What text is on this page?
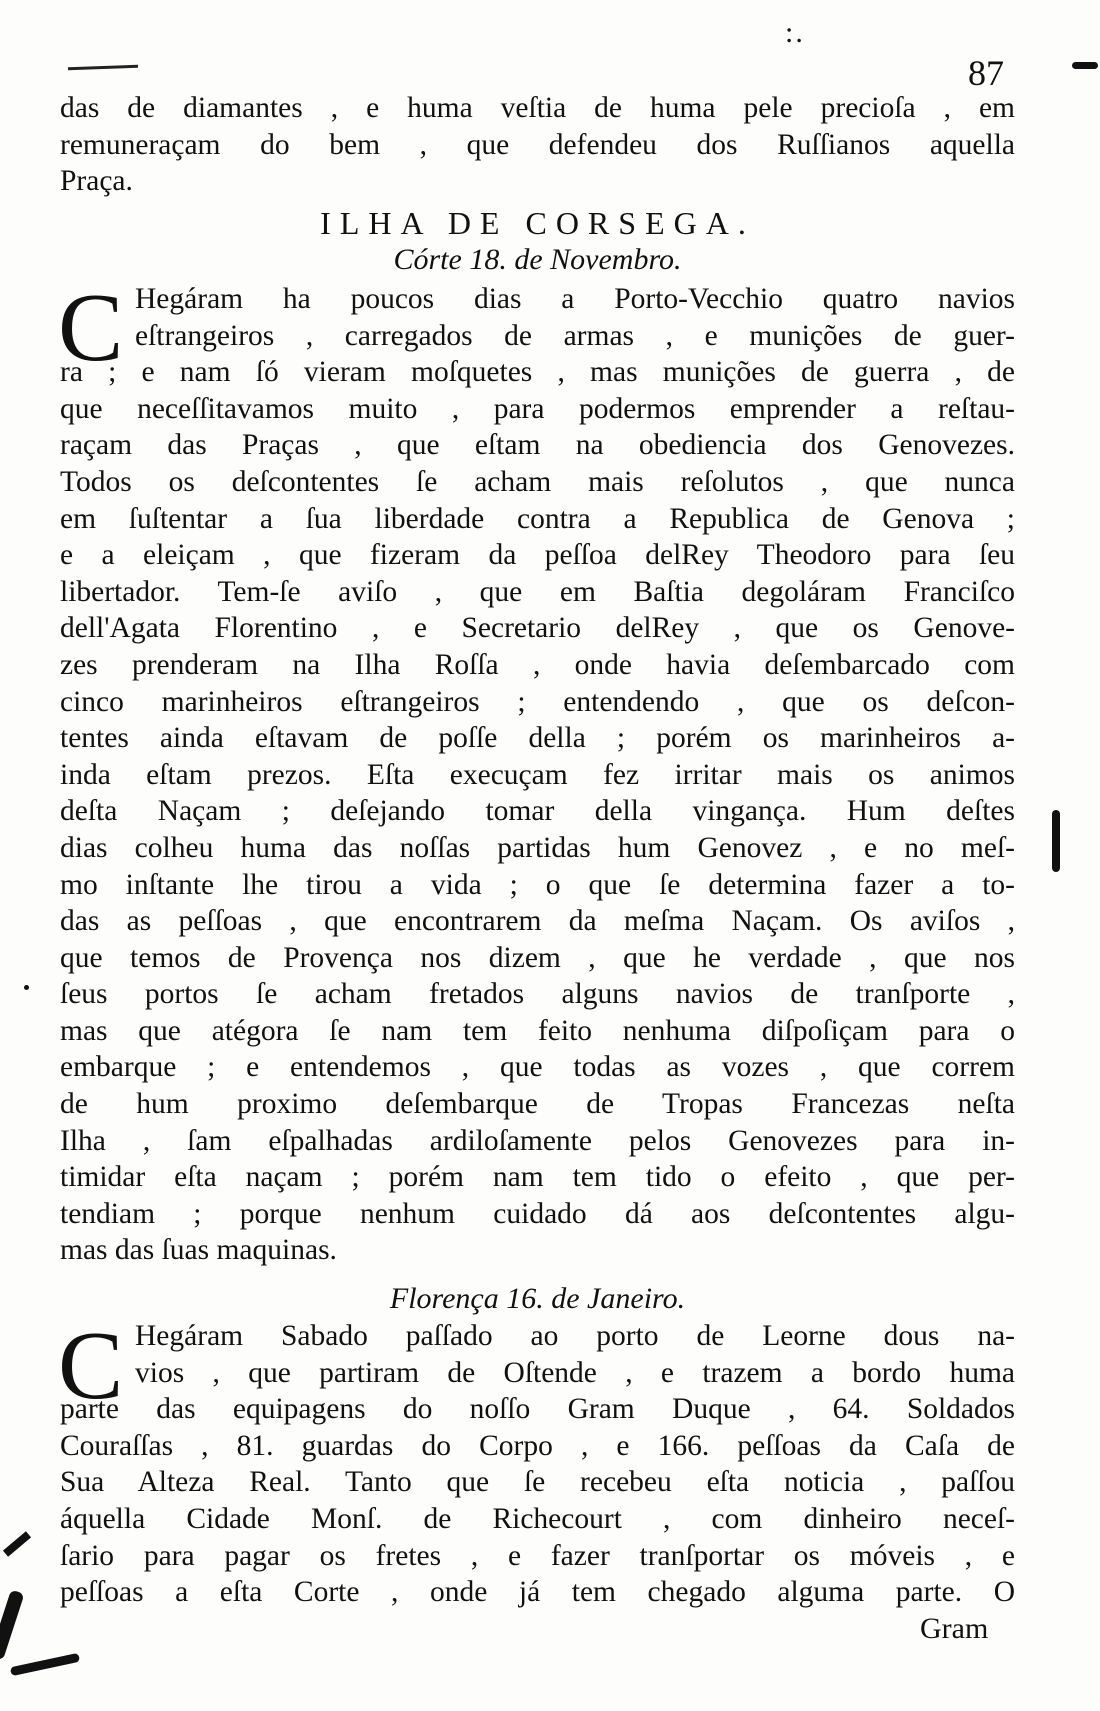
:.
87
das de diamantes , e huma veſtia de huma pele precioſa , em
remuneraçam do bem , que defendeu dos Ruſſianos aquella
Praça.
ILHA DE CORSEGA.
Córte 18. de Novembro.
C Hegáram ha poucos dias a Porto-Vecchio quatro navios
eſtrangeiros , carregados de armas , e munições de guer-
ra ; e nam ſó vieram moſquetes , mas munições de guerra , de
que neceſſitavamos muito , para podermos emprender a reſtau-
raçam das Praças , que eſtam na obediencia dos Genovezes.
Todos os deſcontentes ſe acham mais reſolutos , que nunca
em ſuſtentar a ſua liberdade contra a Republica de Genova ;
e a eleiçam , que fizeram da peſſoa delRey Theodoro para ſeu
libertador. Tem-ſe aviſo , que em Baſtia degoláram Franciſco
dell'Agata Florentino , e Secretario delRey , que os Genove-
zes prenderam na Ilha Roſſa , onde havia deſembarcado com
cinco marinheiros eſtrangeiros ; entendendo , que os deſcon-
tentes ainda eſtavam de poſſe della ; porém os marinheiros a-
inda eſtam prezos. Eſta execuçam fez irritar mais os animos
deſta Naçam ; deſejando tomar della vingança. Hum deſtes
dias colheu huma das noſſas partidas hum Genovez , e no meſ-
mo inſtante lhe tirou a vida ; o que ſe determina fazer a to-
das as peſſoas , que encontrarem da meſma Naçam. Os aviſos ,
que temos de Provença nos dizem , que he verdade , que nos
ſeus portos ſe acham fretados alguns navios de tranſporte ,
mas que atégora ſe nam tem feito nenhuma diſpoſiçam para o
embarque ; e entendemos , que todas as vozes , que correm
de hum proximo deſembarque de Tropas Francezas neſta
Ilha , ſam eſpalhadas ardiloſamente pelos Genovezes para in-
timidar eſta naçam ; porém nam tem tido o efeito , que per-
tendiam ; porque nenhum cuidado dá aos deſcontentes algu-
mas das ſuas maquinas.
Florença 16. de Janeiro.
C Hegáram Sabado paſſado ao porto de Leorne dous na-
vios , que partiram de Oſtende , e trazem a bordo huma
parte das equipagens do noſſo Gram Duque , 64. Soldados
Couraſſas , 81. guardas do Corpo , e 166. peſſoas da Caſa de
Sua Alteza Real. Tanto que ſe recebeu eſta noticia , paſſou
áquella Cidade Monſ. de Richecourt , com dinheiro neceſ-
ſario para pagar os fretes , e fazer tranſportar os móveis , e
peſſoas a eſta Corte , onde já tem chegado alguma parte. O
Gram
